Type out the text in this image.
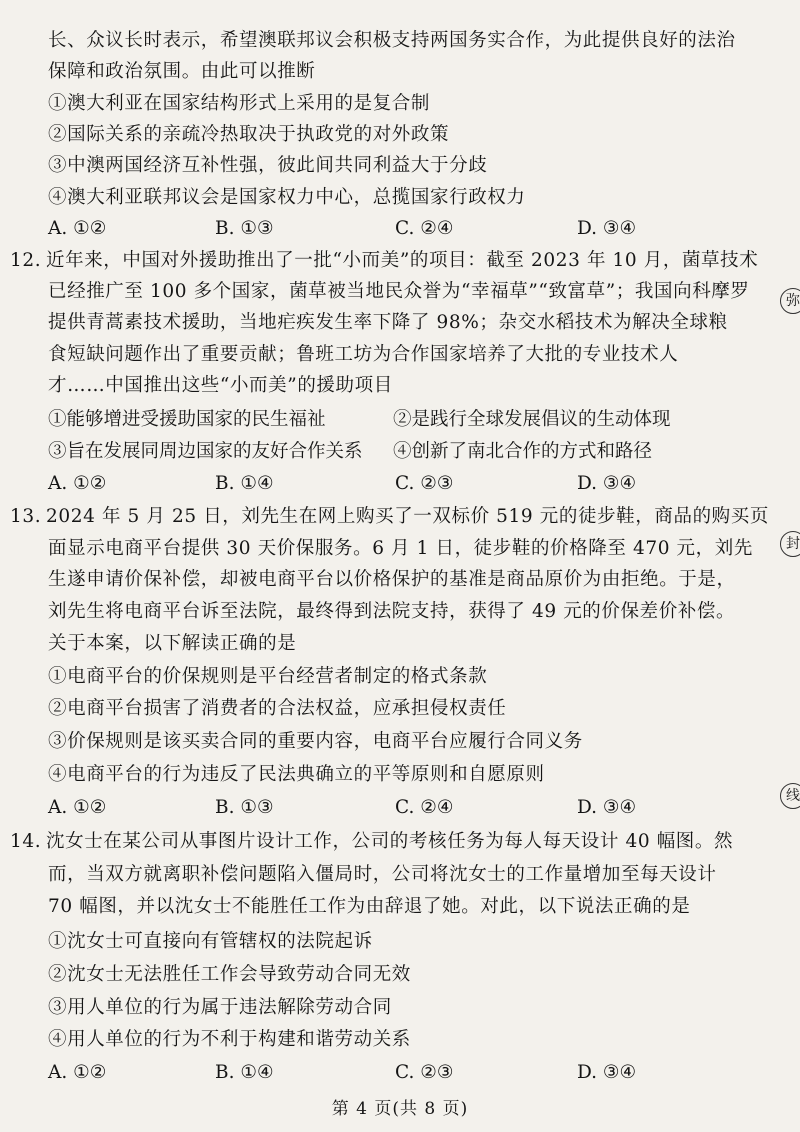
长、众议长时表示，希望澳联邦议会积极支持两国务实合作，为此提供良好的法治
保障和政治氛围。由此可以推断
①澳大利亚在国家结构形式上采用的是复合制
②国际关系的亲疏冷热取决于执政党的对外政策
③中澳两国经济互补性强，彼此间共同利益大于分歧
④澳大利亚联邦议会是国家权力中心，总揽国家行政权力
A. ①②	B. ①③	C. ②④	D. ③④
12. 近年来，中国对外援助推出了一批“小而美”的项目：截至 2023 年 10 月，菌草技术
已经推广至 100 多个国家，菌草被当地民众誉为“幸福草”“致富草”；我国向科摩罗
提供青蒿素技术援助，当地疟疾发生率下降了 98%；杂交水稻技术为解决全球粮
食短缺问题作出了重要贡献；鲁班工坊为合作国家培养了大批的专业技术人
才……中国推出这些“小而美”的援助项目
①能够增进受援助国家的民生福祉	②是践行全球发展倡议的生动体现
③旨在发展同周边国家的友好合作关系 ④创新了南北合作的方式和路径
A. ①②	B. ①④	C. ②③	D. ③④
13. 2024 年 5 月 25 日，刘先生在网上购买了一双标价 519 元的徒步鞋，商品的购买页
面显示电商平台提供 30 天价保服务。6 月 1 日，徒步鞋的价格降至 470 元，刘先
生遂申请价保补偿，却被电商平台以价格保护的基准是商品原价为由拒绝。于是，
刘先生将电商平台诉至法院，最终得到法院支持，获得了 49 元的价保差价补偿。
关于本案，以下解读正确的是
①电商平台的价保规则是平台经营者制定的格式条款
②电商平台损害了消费者的合法权益，应承担侵权责任
③价保规则是该买卖合同的重要内容，电商平台应履行合同义务
④电商平台的行为违反了民法典确立的平等原则和自愿原则
A. ①②	B. ①③	C. ②④	D. ③④
14. 沈女士在某公司从事图片设计工作，公司的考核任务为每人每天设计 40 幅图。然
而，当双方就离职补偿问题陷入僵局时，公司将沈女士的工作量增加至每天设计
70 幅图，并以沈女士不能胜任工作为由辞退了她。对此，以下说法正确的是
①沈女士可直接向有管辖权的法院起诉
②沈女士无法胜任工作会导致劳动合同无效
③用人单位的行为属于违法解除劳动合同
④用人单位的行为不利于构建和谐劳动关系
A. ①②	B. ①④	C. ②③	D. ③④
弥
封
线
第 4 页(共 8 页)
